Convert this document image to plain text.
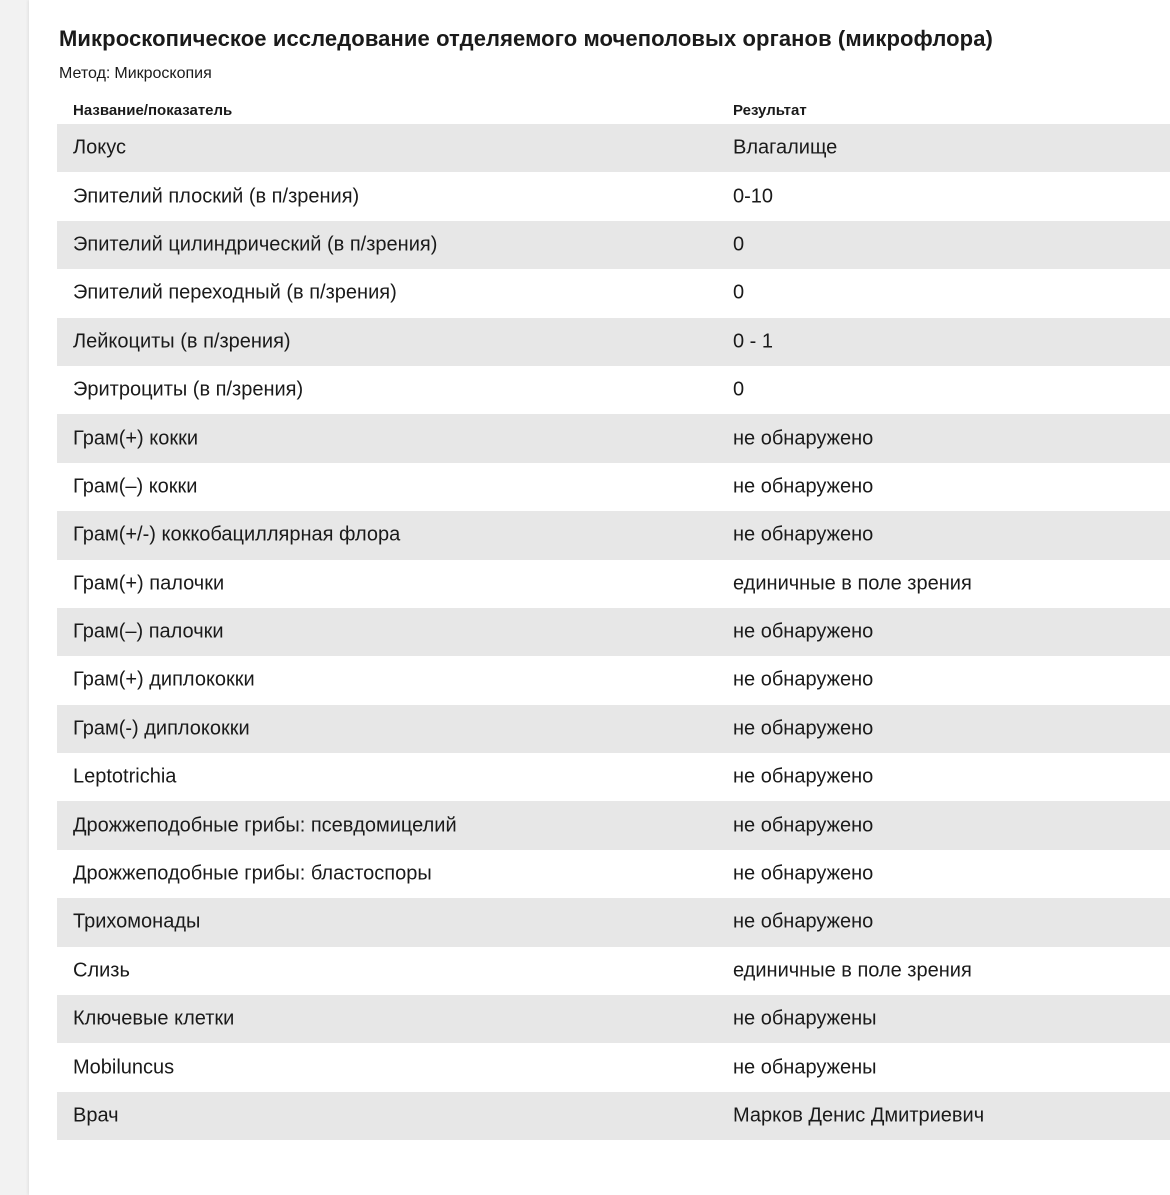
Микроскопическое исследование отделяемого мочеполовых органов (микрофлора)
Метод: Микроскопия
Название/показатель	Результат
Локус	Влагалище
Эпителий плоский (в п/зрения)	0-10
Эпителий цилиндрический (в п/зрения)	0
Эпителий переходный (в п/зрения)	0
Лейкоциты (в п/зрения)	0 - 1
Эритроциты (в п/зрения)	0
Грам(+) кокки	не обнаружено
Грам(–) кокки	не обнаружено
Грам(+/-) коккобациллярная флора	не обнаружено
Грам(+) палочки	единичные в поле зрения
Грам(–) палочки	не обнаружено
Грам(+) диплококки	не обнаружено
Грам(-) диплококки	не обнаружено
Leptotrichia	не обнаружено
Дрожжеподобные грибы: псевдомицелий	не обнаружено
Дрожжеподобные грибы: бластоспоры	не обнаружено
Трихомонады	не обнаружено
Слизь	единичные в поле зрения
Ключевые клетки	не обнаружены
Mobiluncus	не обнаружены
Врач	Марков Денис Дмитриевич
